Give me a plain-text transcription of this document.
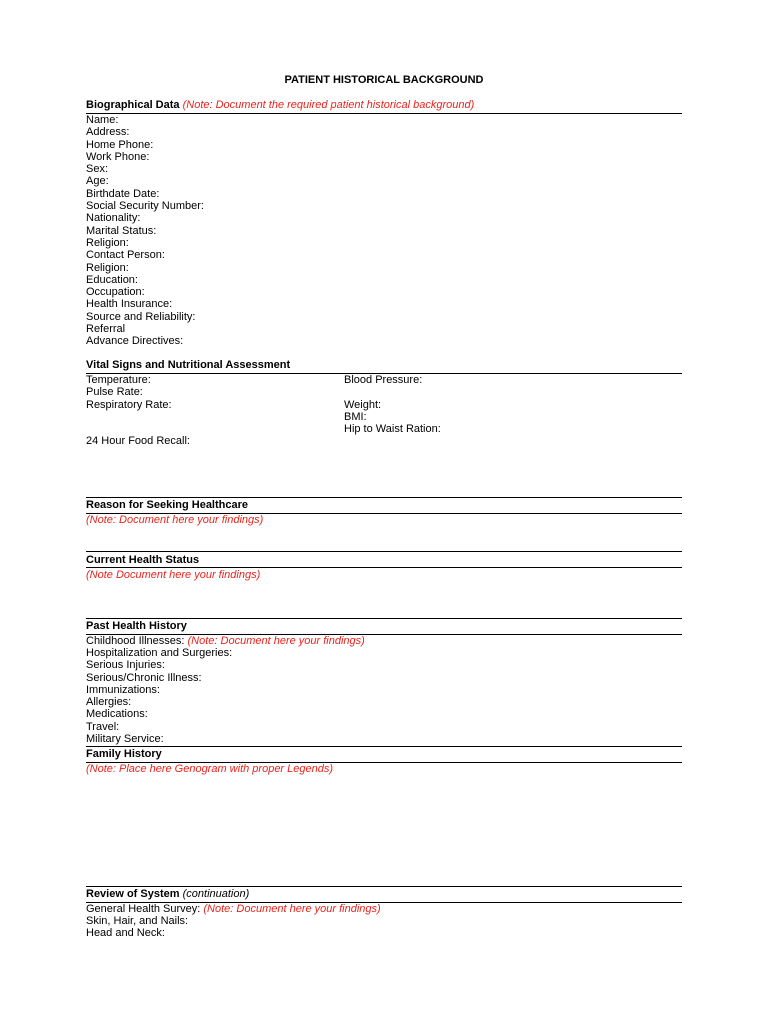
PATIENT HISTORICAL BACKGROUND
Biographical Data (Note: Document the required patient historical background)
Name:
Address:
Home Phone:
Work Phone:
Sex:
Age:
Birthdate Date:
Social Security Number:
Nationality:
Marital Status:
Religion:
Contact Person:
Religion:
Education:
Occupation:
Health Insurance:
Source and Reliability:
Referral
Advance Directives:
Vital Signs and Nutritional Assessment
Temperature:
Pulse Rate:
Respiratory Rate:
Blood Pressure:

Weight:
BMI:
Hip to Waist Ration:
24 Hour Food Recall:
Reason for Seeking Healthcare
(Note: Document here your findings)
Current Health Status
(Note Document here your findings)
Past Health History
Childhood Illnesses: (Note: Document here your findings)
Hospitalization and Surgeries:
Serious Injuries:
Serious/Chronic Illness:
Immunizations:
Allergies:
Medications:
Travel:
Military Service:
Family History
(Note: Place here Genogram with proper Legends)
Review of System (continuation)
General Health Survey: (Note: Document here your findings)
Skin, Hair, and Nails:
Head and Neck:
